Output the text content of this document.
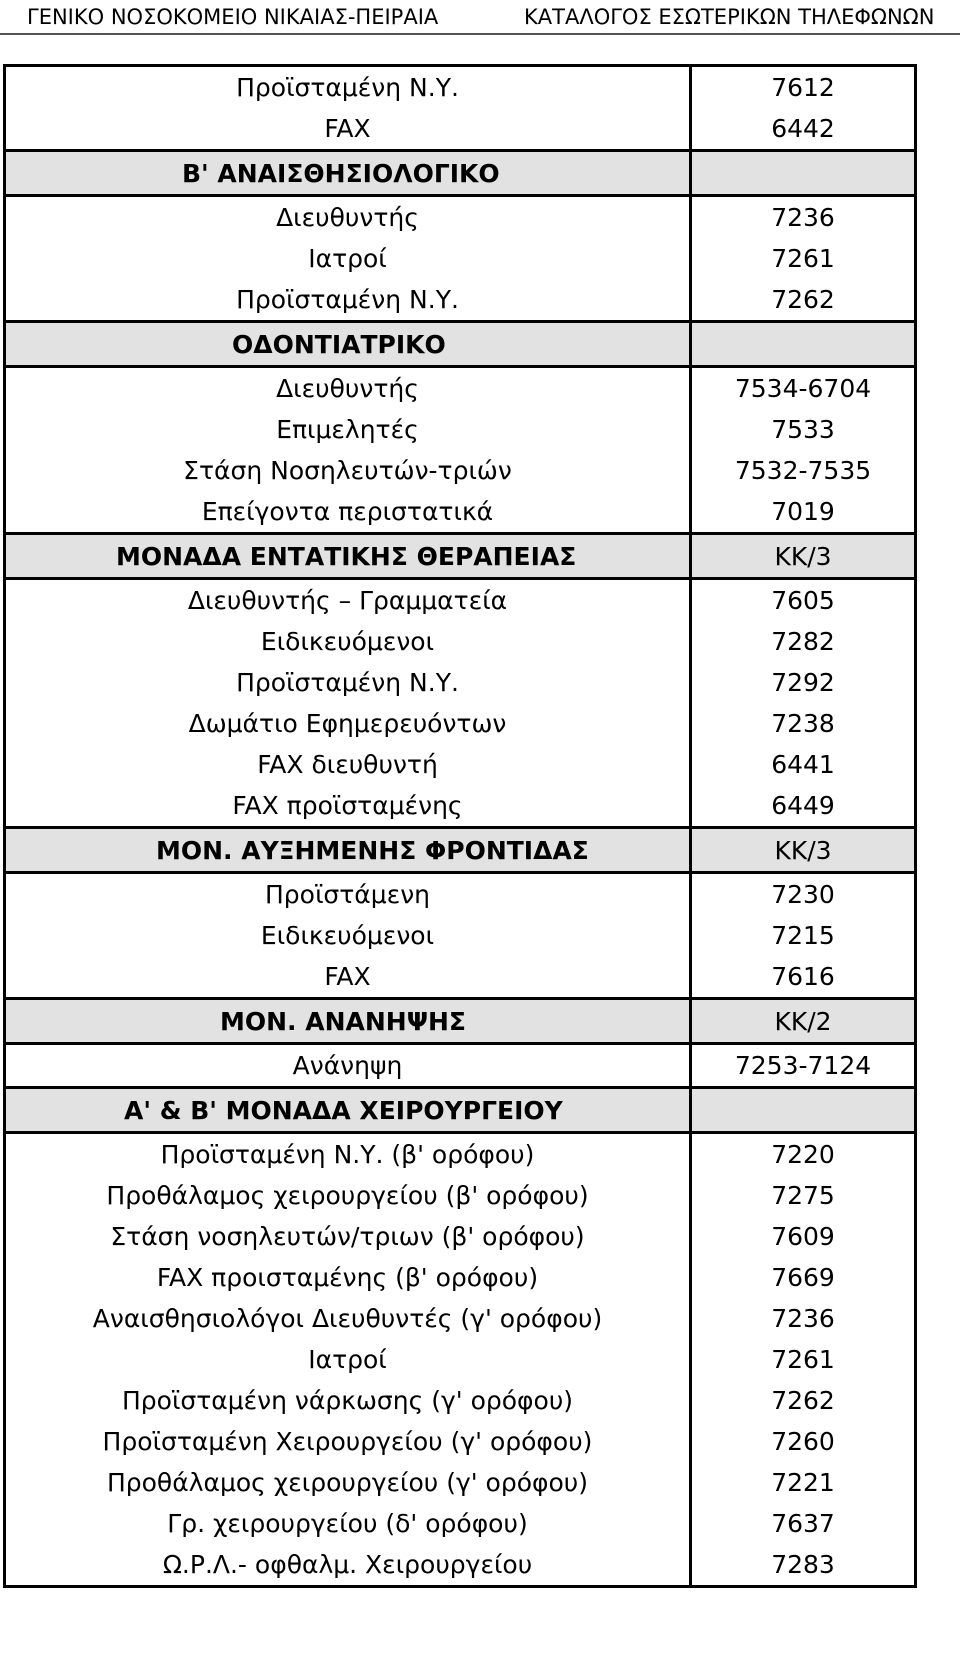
ΓΕΝΙΚΟ ΝΟΣΟΚΟΜΕΙΟ ΝΙΚΑΙΑΣ-ΠΕΙΡΑΙΑ	ΚΑΤΑΛΟΓΟΣ ΕΣΩΤΕΡΙΚΩΝ ΤΗΛΕΦΩΝΩΝ
Προϊσταμένη Ν.Υ.	7612
FAX	6442
Β' ΑΝΑΙΣΘΗΣΙΟΛΟΓΙΚΟ	
Διευθυντής	7236
Ιατροί	7261
Προϊσταμένη Ν.Υ.	7262
ΟΔΟΝΤΙΑΤΡΙΚΟ	
Διευθυντής	7534-6704
Επιμελητές	7533
Στάση Νοσηλευτών-τριών	7532-7535
Επείγοντα περιστατικά	7019
ΜΟΝΑΔΑ ΕΝΤΑΤΙΚΗΣ ΘΕΡΑΠΕΙΑΣ	ΚΚ/3
Διευθυντής – Γραμματεία	7605
Ειδικευόμενοι	7282
Προϊσταμένη Ν.Υ.	7292
Δωμάτιο Εφημερευόντων	7238
FAX διευθυντή	6441
FAX προϊσταμένης	6449
ΜΟΝ. ΑΥΞΗΜΕΝΗΣ ΦΡΟΝΤΙΔΑΣ	ΚΚ/3
Προϊστάμενη	7230
Ειδικευόμενοι	7215
FAX	7616
ΜΟΝ. ΑΝΑΝΗΨΗΣ	ΚΚ/2
Ανάνηψη	7253-7124
Α' & Β' ΜΟΝΑΔΑ ΧΕΙΡΟΥΡΓΕΙΟΥ	
Προϊσταμένη Ν.Υ. (β' ορόφου)	7220
Προθάλαμος χειρουργείου (β' ορόφου)	7275
Στάση νοσηλευτών/τριων (β' ορόφου)	7609
FAX προισταμένης (β' ορόφου)	7669
Αναισθησιολόγοι Διευθυντές (γ' ορόφου)	7236
Ιατροί	7261
Προϊσταμένη νάρκωσης (γ' ορόφου)	7262
Προϊσταμένη Χειρουργείου (γ' ορόφου)	7260
Προθάλαμος χειρουργείου (γ' ορόφου)	7221
Γρ. χειρουργείου (δ' ορόφου)	7637
Ω.Ρ.Λ.- οφθαλμ. Χειρουργείου	7283
